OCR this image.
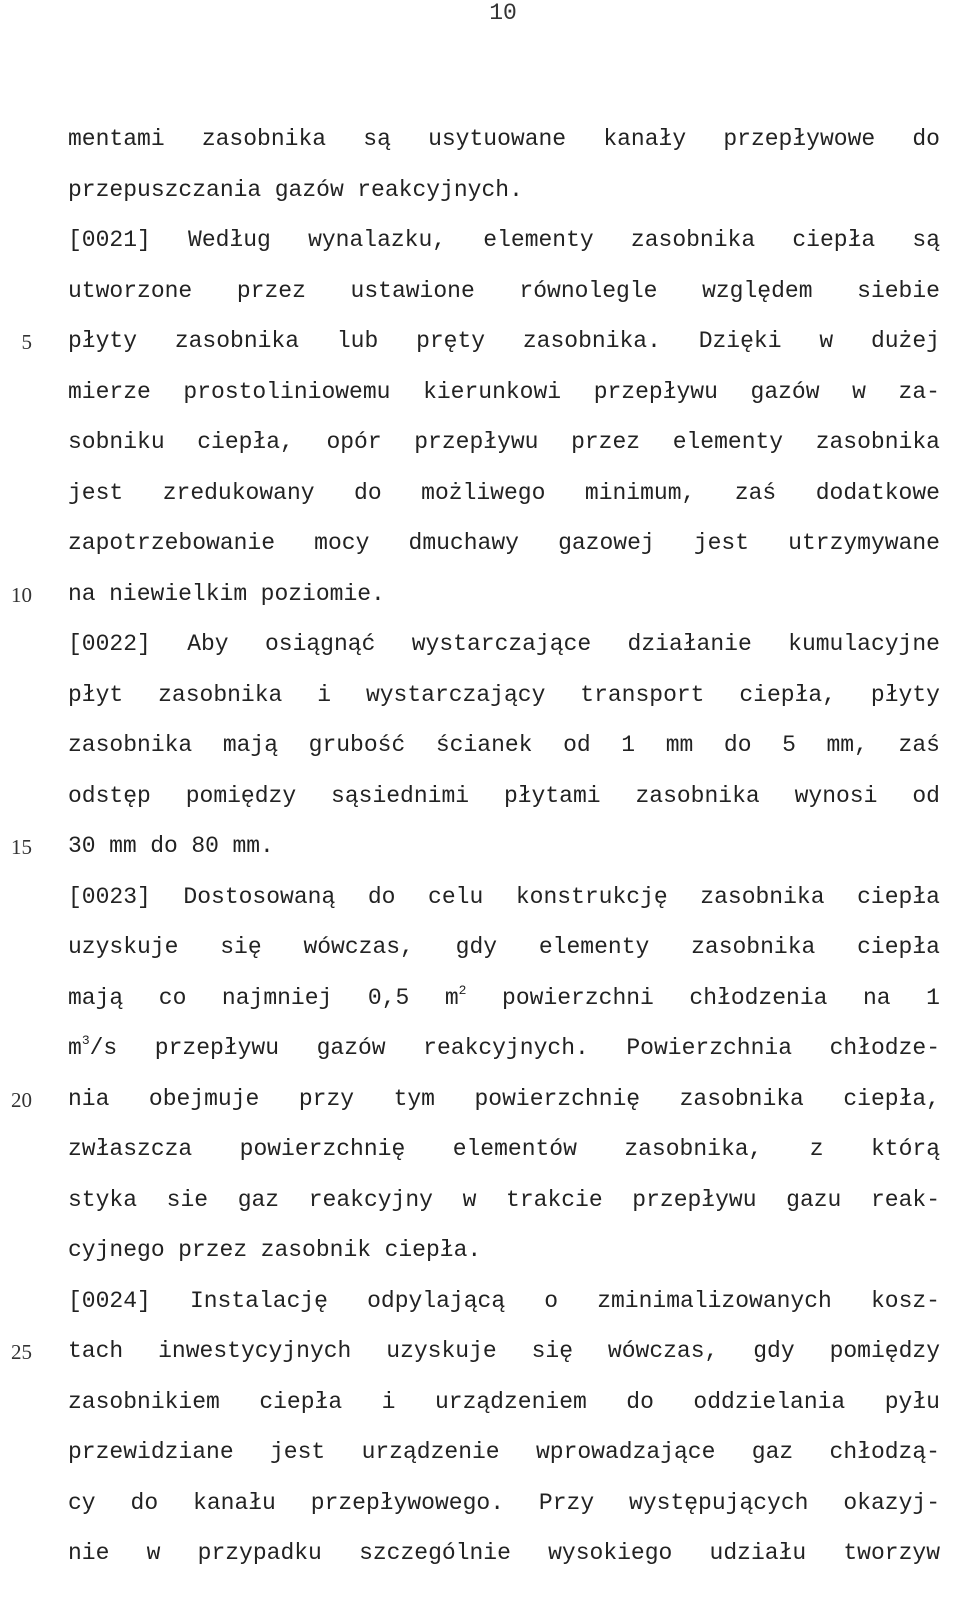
10
5
10
15
20
25
mentami zasobnika są usytuowane kanały przepływowe do
przepuszczania gazów reakcyjnych.
[0021] Według wynalazku, elementy zasobnika ciepła są
utworzone przez ustawione równolegle względem siebie
płyty zasobnika lub pręty zasobnika. Dzięki w dużej
mierze prostoliniowemu kierunkowi przepływu gazów w za-
sobniku ciepła, opór przepływu przez elementy zasobnika
jest zredukowany do możliwego minimum, zaś dodatkowe
zapotrzebowanie mocy dmuchawy gazowej jest utrzymywane
na niewielkim poziomie.
[0022] Aby osiągnąć wystarczające działanie kumulacyjne
płyt zasobnika i wystarczający transport ciepła, płyty
zasobnika mają grubość ścianek od 1 mm do 5 mm, zaś
odstęp pomiędzy sąsiednimi płytami zasobnika wynosi od
30 mm do 80 mm.
[0023] Dostosowaną do celu konstrukcję zasobnika ciepła
uzyskuje się wówczas, gdy elementy zasobnika ciepła
mają co najmniej 0,5 $m^2$ powierzchni chłodzenia na 1
$m^3/s$ przepływu gazów reakcyjnych. Powierzchnia chłodze-
nia obejmuje przy tym powierzchnię zasobnika ciepła,
zwłaszcza powierzchnię elementów zasobnika, z którą
styka sie gaz reakcyjny w trakcie przepływu gazu reak-
cyjnego przez zasobnik ciepła.
[0024] Instalację odpylającą o zminimalizowanych kosz-
tach inwestycyjnych uzyskuje się wówczas, gdy pomiędzy
zasobnikiem ciepła i urządzeniem do oddzielania pyłu
przewidziane jest urządzenie wprowadzające gaz chłodzą-
cy do kanału przepływowego. Przy występujących okazyj-
nie w przypadku szczególnie wysokiego udziału tworzyw
